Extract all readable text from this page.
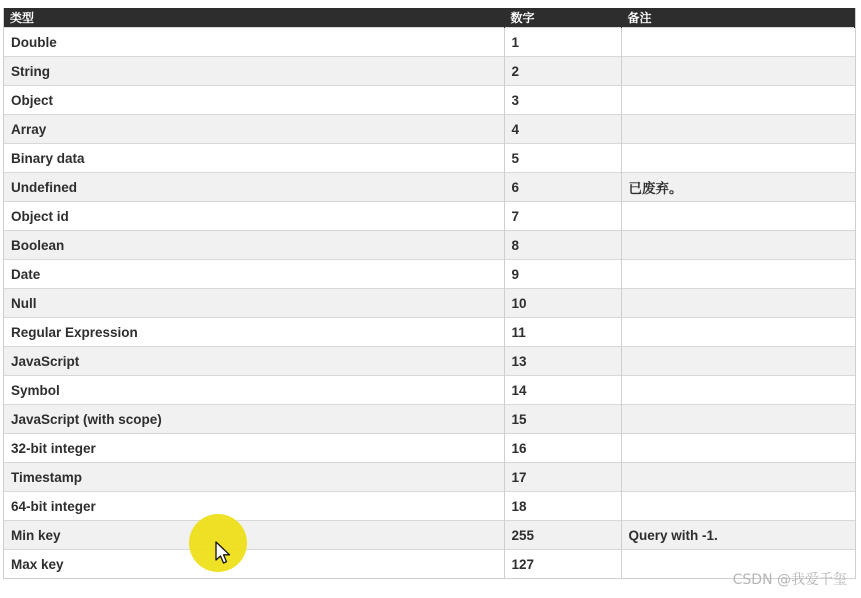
类型	数字	备注
Double	1	
String	2	
Object	3	
Array	4	
Binary data	5	
Undefined	6	已废弃。
Object id	7	
Boolean	8	
Date	9	
Null	10	
Regular Expression	11	
JavaScript	13	
Symbol	14	
JavaScript (with scope)	15	
32-bit integer	16	
Timestamp	17	
64-bit integer	18	
Min key	255	Query with -1.
Max key	127	
CSDN @我爱千玺
